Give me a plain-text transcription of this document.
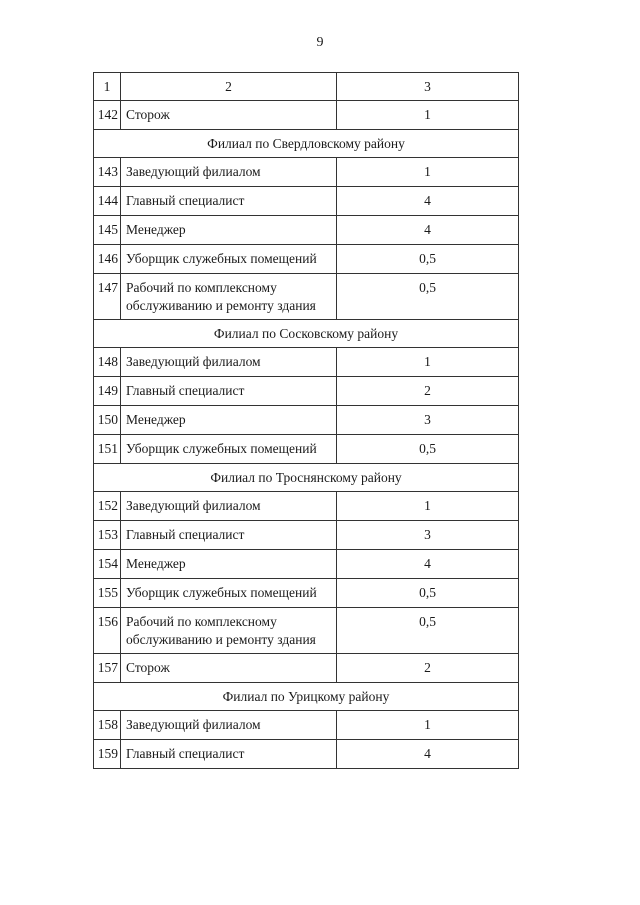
9
1	2	3
142	Сторож	1
Филиал по Свердловскому району		
143	Заведующий филиалом	1
144	Главный специалист	4
145	Менеджер	4
146	Уборщик служебных помещений	0,5
147	Рабочий по комплексному обслуживанию и ремонту здания	0,5
Филиал по Сосковскому району		
148	Заведующий филиалом	1
149	Главный специалист	2
150	Менеджер	3
151	Уборщик служебных помещений	0,5
Филиал по Троснянскому району		
152	Заведующий филиалом	1
153	Главный специалист	3
154	Менеджер	4
155	Уборщик служебных помещений	0,5
156	Рабочий по комплексному обслуживанию и ремонту здания	0,5
157	Сторож	2
Филиал по Урицкому району		
158	Заведующий филиалом	1
159	Главный специалист	4
